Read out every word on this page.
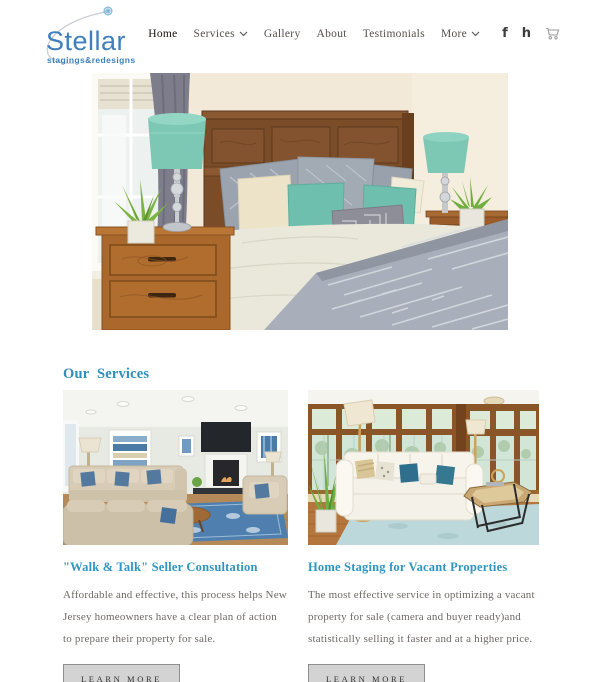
Stellar
stagings&redesigns
Home Services	Gallery About Testimonials More	f h
Our Services
"Walk & Talk" Seller Consultation

Affordable and effective, this process helps New Jersey homeowners have a clear plan of action to prepare their property for sale.

LEARN MORE
Home Staging for Vacant Properties

The most effective service in optimizing a vacant property for sale (camera and buyer ready)and statistically selling it faster and at a higher price.

LEARN MORE
